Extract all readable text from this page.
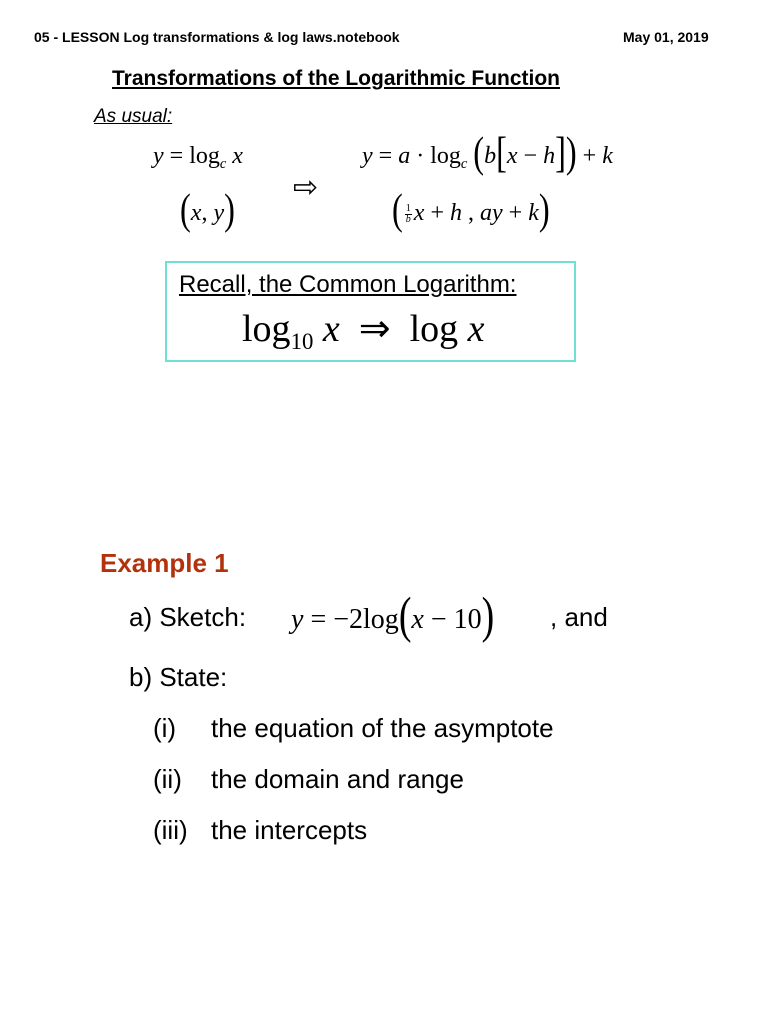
05 - LESSON Log transformations & log laws.notebook	May 01, 2019
Transformations of the Logarithmic Function
As usual:
$y = \log_c x$
(x, y) ⇨
$y = a \cdot \log_c (b[x - h]) + k$
( $\frac{1}{b}$ x + h , ay + k)
Recall, the Common Logarithm:
$\log_{10} x$  ⇒  log x
Example 1
a) Sketch: y = −2log(x − 10) , and
b) State:
(i) the equation of the asymptote
(ii) the domain and range
(iii) the intercepts
